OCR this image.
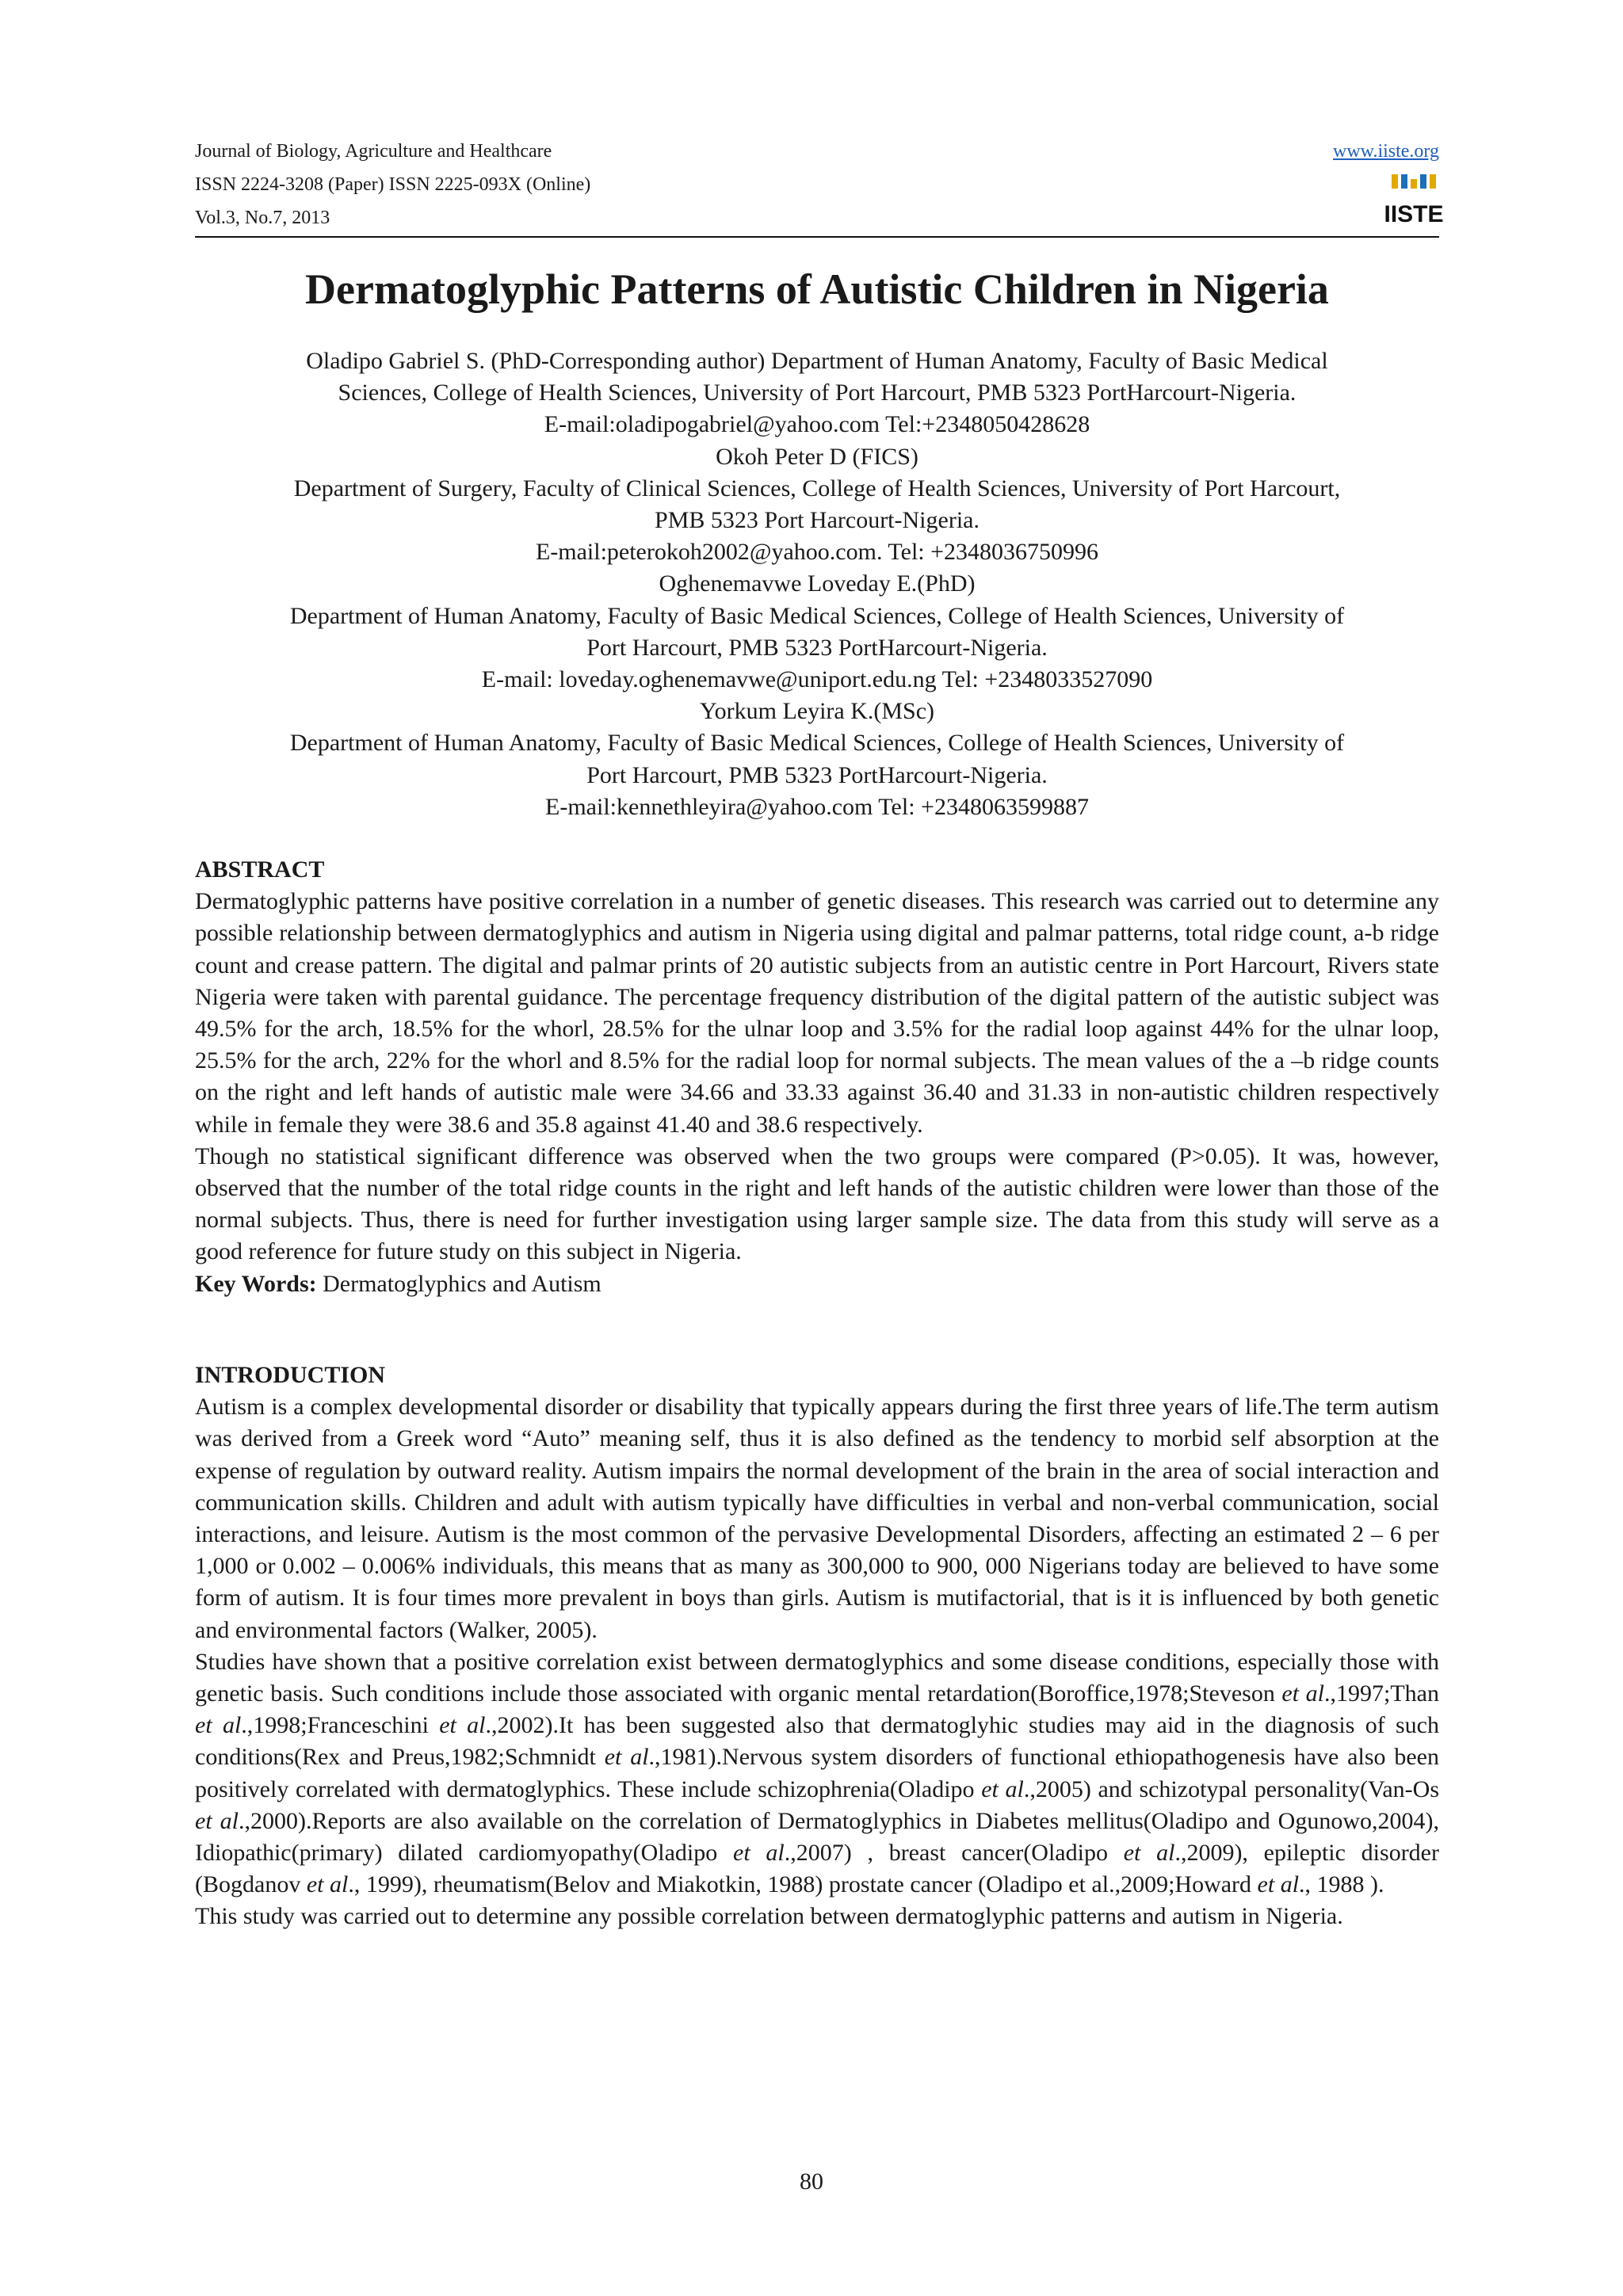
Journal of Biology, Agriculture and Healthcare
ISSN 2224-3208 (Paper) ISSN 2225-093X (Online)
Vol.3, No.7, 2013
www.iiste.org
IISTE
Dermatoglyphic Patterns of Autistic Children in Nigeria
Oladipo Gabriel S. (PhD-Corresponding author) Department of Human Anatomy, Faculty of Basic Medical
Sciences, College of Health Sciences, University of Port Harcourt, PMB 5323 PortHarcourt-Nigeria.
E-mail:oladipogabriel@yahoo.com Tel:+2348050428628
Okoh Peter D (FICS)
Department of Surgery, Faculty of Clinical Sciences, College of Health Sciences, University of Port Harcourt,
PMB 5323 Port Harcourt-Nigeria.
E-mail:peterokoh2002@yahoo.com. Tel: +2348036750996
Oghenemavwe Loveday E.(PhD)
Department of Human Anatomy, Faculty of Basic Medical Sciences, College of Health Sciences, University of
Port Harcourt, PMB 5323 PortHarcourt-Nigeria.
E-mail: loveday.oghenemavwe@uniport.edu.ng Tel: +2348033527090
Yorkum Leyira K.(MSc)
Department of Human Anatomy, Faculty of Basic Medical Sciences, College of Health Sciences, University of
Port Harcourt, PMB 5323 PortHarcourt-Nigeria.
E-mail:kennethleyira@yahoo.com Tel: +2348063599887

ABSTRACT

Dermatoglyphic patterns have positive correlation in a number of genetic diseases. This research was carried out to determine any possible relationship between dermatoglyphics and autism in Nigeria using digital and palmar patterns, total ridge count, a-b ridge count and crease pattern. The digital and palmar prints of 20 autistic subjects from an autistic centre in Port Harcourt, Rivers state Nigeria were taken with parental guidance. The percentage frequency distribution of the digital pattern of the autistic subject was 49.5% for the arch, 18.5% for the whorl, 28.5% for the ulnar loop and 3.5% for the radial loop against 44% for the ulnar loop, 25.5% for the arch, 22% for the whorl and 8.5% for the radial loop for normal subjects. The mean values of the a –b ridge counts on the right and left hands of autistic male were 34.66 and 33.33 against 36.40 and 31.33 in non-autistic children respectively while in female they were 38.6 and 35.8 against 41.40 and 38.6 respectively.

Though no statistical significant difference was observed when the two groups were compared (P>0.05). It was, however, observed that the number of the total ridge counts in the right and left hands of the autistic children were lower than those of the normal subjects. Thus, there is need for further investigation using larger sample size. The data from this study will serve as a good reference for future study on this subject in Nigeria.

Key Words: Dermatoglyphics and Autism

INTRODUCTION

Autism is a complex developmental disorder or disability that typically appears during the first three years of life.The term autism was derived from a Greek word “Auto” meaning self, thus it is also defined as the tendency to morbid self absorption at the expense of regulation by outward reality. Autism impairs the normal development of the brain in the area of social interaction and communication skills. Children and adult with autism typically have difficulties in verbal and non-verbal communication, social interactions, and leisure. Autism is the most common of the pervasive Developmental Disorders, affecting an estimated 2 – 6 per 1,000 or 0.002 – 0.006% individuals, this means that as many as 300,000 to 900, 000 Nigerians today are believed to have some form of autism. It is four times more prevalent in boys than girls. Autism is mutifactorial, that is it is influenced by both genetic and environmental factors (Walker, 2005).

Studies have shown that a positive correlation exist between dermatoglyphics and some disease conditions, especially those with genetic basis. Such conditions include those associated with organic mental retardation(Boroffice,1978;Steveson et al.,1997;Than et al.,1998;Franceschini et al.,2002).It has been suggested also that dermatoglyhic studies may aid in the diagnosis of such conditions(Rex and Preus,1982;Schmnidt et al.,1981).Nervous system disorders of functional ethiopathogenesis have also been positively correlated with dermatoglyphics. These include schizophrenia(Oladipo et al.,2005) and schizotypal personality(Van-Os et al.,2000).Reports are also available on the correlation of Dermatoglyphics in Diabetes mellitus(Oladipo and Ogunowo,2004), Idiopathic(primary) dilated cardiomyopathy(Oladipo et al.,2007) , breast cancer(Oladipo et al.,2009), epileptic disorder (Bogdanov et al., 1999), rheumatism(Belov and Miakotkin, 1988) prostate cancer (Oladipo et al.,2009;Howard et al., 1988 ).

This study was carried out to determine any possible correlation between dermatoglyphic patterns and autism in Nigeria.

80
